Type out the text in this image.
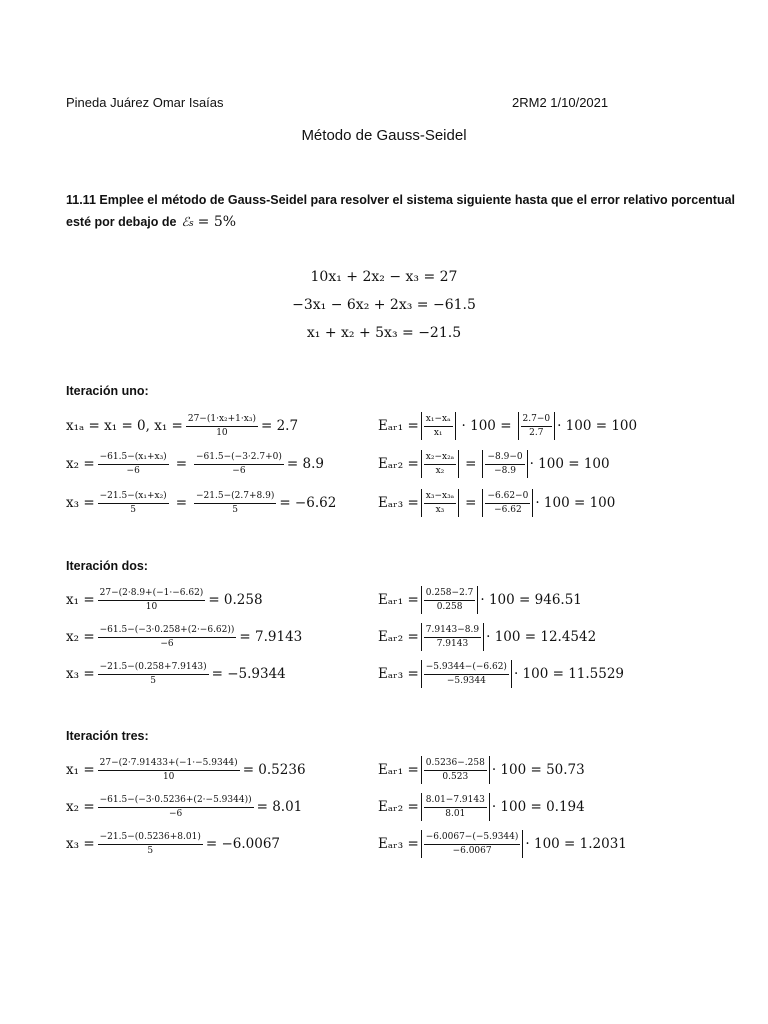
Pineda Juárez Omar Isaías	2RM2 1/10/2021
Método de Gauss-Seidel
11.11 Emplee el método de Gauss-Seidel para resolver el sistema siguiente hasta que el error relativo porcentual
esté por debajo de ℰ$_s$ = 5%
10x₁ + 2x₂ − x₃ = 27
−3x₁ − 6x₂ + 2x₃ = −61.5
x₁ + x₂ + 5x₃ = −21.5
Iteración uno:
x₁ₐ = x₁ = 0, $x_1 = \frac{\text{27−(1·x₂+1·x₃)}}{10} = 2.7$
$x_2 = \frac{\text{−61.5−(x₁+x₃)}}{-6} = \frac{-61.5-(-3\cdot 2.7+0)}{-6} = 8.9$
$x_3 = \frac{\text{−21.5−(x₁+x₂)}}{5} = \frac{-21.5-(2.7+8.9)}{5} = -6.62$
Eₐᵣ₁ = $\frac{\text{x₁−xₐ}}{\text{x₁}} \cdot 100 = \frac{2.7-0}{2.7} \cdot 100 = 100$
Eₐᵣ₂ = $\frac{\text{x₂−x₂ₐ}}{\text{x₂}} = \frac{-8.9-0}{-8.9} \cdot 100 = 100$
Eₐᵣ₃ = $\frac{\text{x₃−x₃ₐ}}{\text{x₃}} = \frac{-6.62-0}{-6.62} \cdot 100 = 100$
Iteración dos:
$x_1 = \frac{27-(2\cdot 8.9+(-1\cdot-6.62)}{10} = 0.258$
$x_2 = \frac{-61.5-(-3\cdot 0.258+(2\cdot-6.62))}{-6} = 7.9143$
$x_3 = \frac{-21.5-(0.258+7.9143)}{5} = -5.9344$
Eₐᵣ₁ = $\frac{0.258-2.7}{0.258} \cdot 100 = 946.51$
Eₐᵣ₂ = $\frac{7.9143-8.9}{7.9143} \cdot 100 = 12.4542$
Eₐᵣ₃ = $\frac{-5.9344-(-6.62)}{-5.9344} \cdot 100 = 11.5529$
Iteración tres:
$x_1 = \frac{27-(2\cdot 7.91433+(-1\cdot-5.9344)}{10} = 0.5236$
$x_2 = \frac{-61.5-(-3\cdot 0.5236+(2\cdot-5.9344))}{-6} = 8.01$
$x_3 = \frac{-21.5-(0.5236+8.01)}{5} = -6.0067$
Eₐᵣ₁ = $\frac{0.5236-.258}{0.523} \cdot 100 = 50.73$
Eₐᵣ₂ = $\frac{8.01-7.9143}{8.01} \cdot 100 = 0.194$
Eₐᵣ₃ = $\frac{-6.0067-(-5.9344)}{-6.0067} \cdot 100 = 1.2031$
